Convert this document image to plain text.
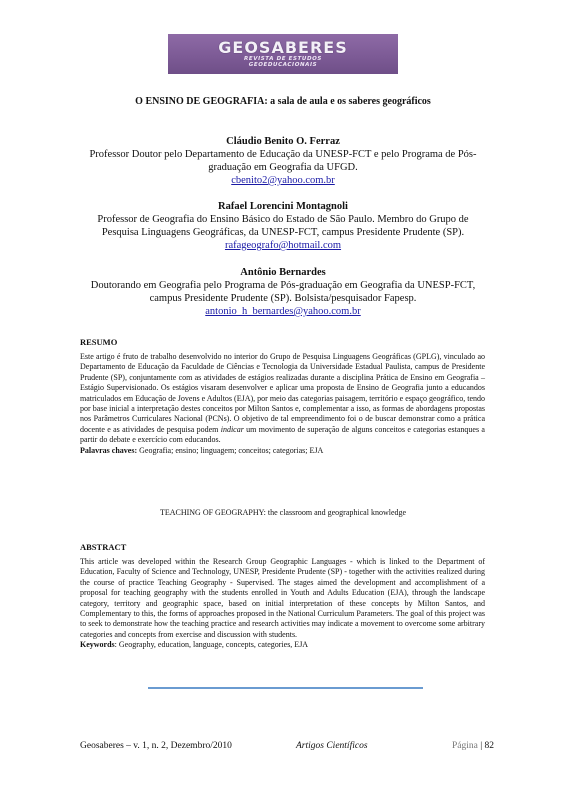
GEOSABERES
REVISTA DE ESTUDOS
GEOEDUCACIONAIS
O ENSINO DE GEOGRAFIA: a sala de aula e os saberes geográficos
Cláudio Benito O. Ferraz
Professor Doutor pelo Departamento de Educação da UNESP-FCT e pelo Programa de Pós-graduação em Geografia da UFGD.
cbenito2@yahoo.com.br
Rafael Lorencini Montagnoli
Professor de Geografia do Ensino Básico do Estado de São Paulo. Membro do Grupo de Pesquisa Linguagens Geográficas, da UNESP-FCT, campus Presidente Prudente (SP).
rafageografo@hotmail.com
Antônio Bernardes
Doutorando em Geografia pelo Programa de Pós-graduação em Geografia da UNESP-FCT, campus Presidente Prudente (SP). Bolsista/pesquisador Fapesp.
antonio_h_bernardes@yahoo.com.br
RESUMO
Este artigo é fruto de trabalho desenvolvido no interior do Grupo de Pesquisa Linguagens Geográficas (GPLG), vinculado ao Departamento de Educação da Faculdade de Ciências e Tecnologia da Universidade Estadual Paulista, campus de Presidente Prudente (SP), conjuntamente com as atividades de estágios realizadas durante a disciplina Prática de Ensino em Geografia – Estágio Supervisionado. Os estágios visaram desenvolver e aplicar uma proposta de Ensino de Geografia junto a educandos matriculados em Educação de Jovens e Adultos (EJA), por meio das categorias paisagem, território e espaço geográfico, tendo por base inicial a interpretação destes conceitos por Milton Santos e, complementar a isso, as formas de abordagens propostas nos Parâmetros Curriculares Nacional (PCNs). O objetivo de tal empreendimento foi o de buscar demonstrar como a prática docente e as atividades de pesquisa podem indicar um movimento de superação de alguns conceitos e categorias estanques a partir do debate e exercício com educandos.
Palavras chaves: Geografia; ensino; linguagem; conceitos; categorias; EJA
TEACHING OF GEOGRAPHY: the classroom and geographical knowledge
ABSTRACT
This article was developed within the Research Group Geographic Languages - which is linked to the Department of Education, Faculty of Science and Technology, UNESP, Presidente Prudente (SP) - together with the activities realized during the course of practice Teaching Geography - Supervised. The stages aimed the development and accomplishment of a proposal for teaching geography with the students enrolled in Youth and Adults Education (EJA), through the landscape category, territory and geographic space, based on initial interpretation of these concepts by Milton Santos, and Complementary to this, the forms of approaches proposed in the National Curriculum Parameters. The goal of this project was to seek to demonstrate how the teaching practice and research activities may indicate a movement to overcome some arbitrary categories and concepts from exercise and discussion with students.
Keywords: Geography, education, language, concepts, categories, EJA
Geosaberes – v. 1, n. 2, Dezembro/2010	Artigos Científicos	Página | 82
